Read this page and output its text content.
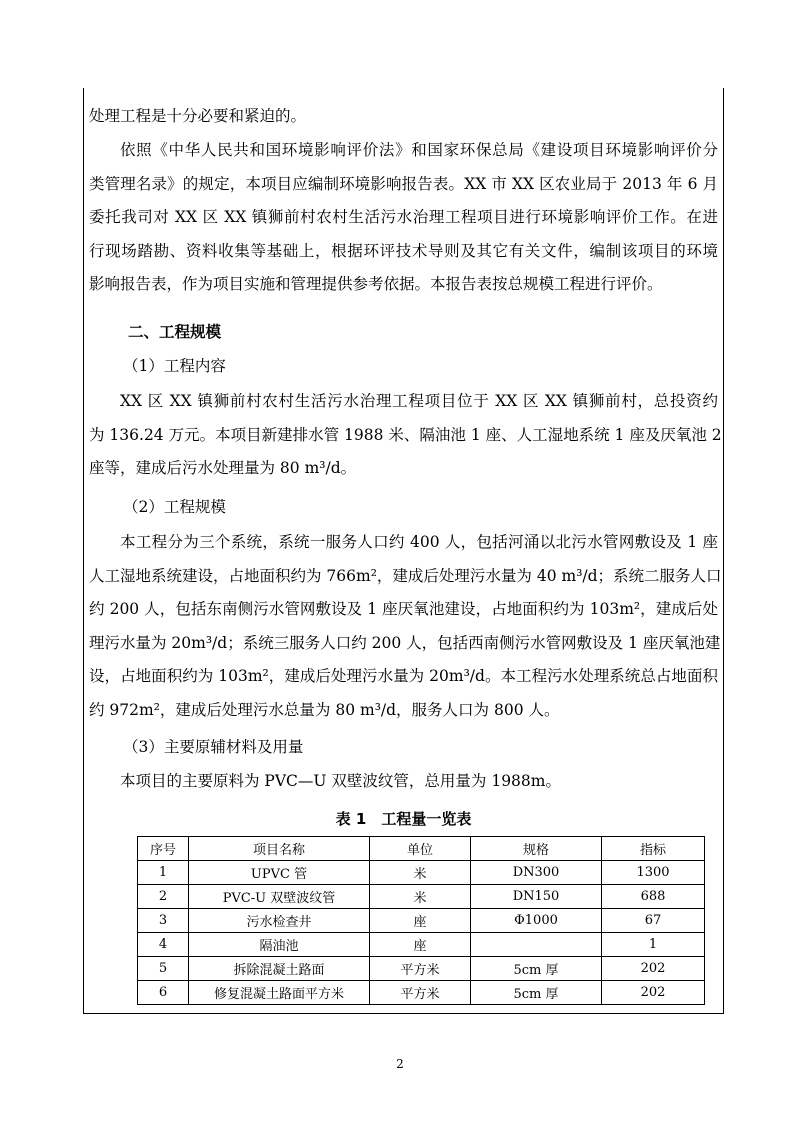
处理工程是十分必要和紧迫的。
依照《中华人民共和国环境影响评价法》和国家环保总局《建设项目环境影响评价分
类管理名录》的规定，本项目应编制环境影响报告表。XX 市 XX 区农业局于 2013 年 6 月
委托我司对 XX 区 XX 镇狮前村农村生活污水治理工程项目进行环境影响评价工作。在进
行现场踏勘、资料收集等基础上，根据环评技术导则及其它有关文件，编制该项目的环境
影响报告表，作为项目实施和管理提供参考依据。本报告表按总规模工程进行评价。
二、工程规模
（1）工程内容
XX 区 XX 镇狮前村农村生活污水治理工程项目位于 XX 区 XX 镇狮前村，总投资约
为 136.24 万元。本项目新建排水管 1988 米、隔油池 1 座、人工湿地系统 1 座及厌氧池 2
座等，建成后污水处理量为 80 m³/d。
（2）工程规模
本工程分为三个系统，系统一服务人口约 400 人，包括河涌以北污水管网敷设及 1 座
人工湿地系统建设，占地面积约为 766m²，建成后处理污水量为 40 m³/d；系统二服务人口
约 200 人，包括东南侧污水管网敷设及 1 座厌氧池建设，占地面积约为 103m²，建成后处
理污水量为 20m³/d；系统三服务人口约 200 人，包括西南侧污水管网敷设及 1 座厌氧池建
设，占地面积约为 103m²，建成后处理污水量为 20m³/d。本工程污水处理系统总占地面积
约 972m²，建成后处理污水总量为 80 m³/d，服务人口为 800 人。
（3）主要原辅材料及用量
本项目的主要原料为 PVC—U 双壁波纹管，总用量为 1988m。
表 1　工程量一览表
序号	项目名称	单位	规格	指标
1	UPVC 管	米	DN300	1300
2	PVC-U 双壁波纹管	米	DN150	688
3	污水检查井	座	Φ1000	67
4	隔油池	座		1
5	拆除混凝土路面	平方米	5cm 厚	202
6	修复混凝土路面平方米	平方米	5cm 厚	202
2
